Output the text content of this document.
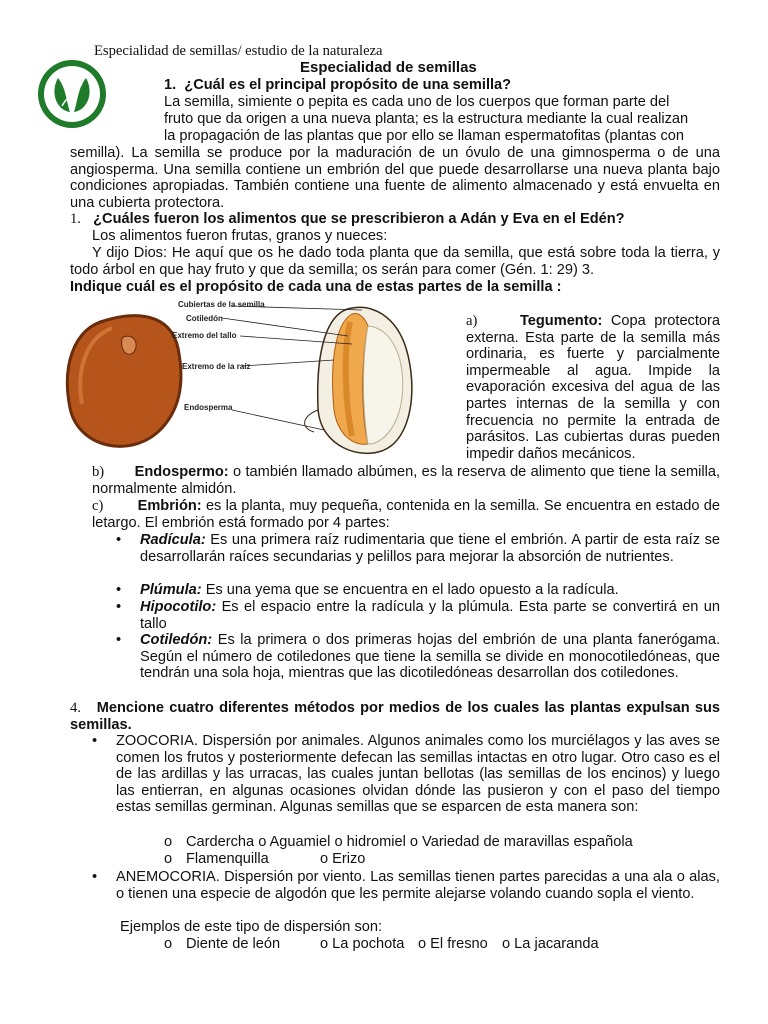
Especialidad de semillas/ estudio de la naturaleza
Especialidad de semillas
1. ¿Cuál es el principal propósito de una semilla?
La semilla, simiente o pepita es cada uno de los cuerpos que forman parte del
fruto que da origen a una nueva planta; es la estructura mediante la cual realizan
la propagación de las plantas que por ello se llaman espermatofitas (plantas con
semilla). La semilla se produce por la maduración de un óvulo de una gimnosperma o de una angiosperma. Una semilla contiene un embrión del que puede desarrollarse una nueva planta bajo condiciones apropiadas. También contiene una fuente de alimento almacenado y está envuelta en una cubierta protectora.
1. ¿Cuáles fueron los alimentos que se prescribieron a Adán y Eva en el Edén?
Los alimentos fueron frutas, granos y nueces:
Y dijo Dios: He aquí que os he dado toda planta que da semilla, que está sobre toda la tierra, y todo árbol en que hay fruto y que da semilla; os serán para comer (Gén. 1: 29) 3.
Indique cuál es el propósito de cada una de estas partes de la semilla :
Cubiertas de la semilla
Cotiledón
Extremo del tallo
Extremo de la raíz
Endosperma
a)	Tegumento: Copa protectora externa. Esta parte de la semilla más ordinaria, es fuerte y parcialmente impermeable al agua. Impide la evaporación excesiva del agua de las partes internas de la semilla y con frecuencia no permite la entrada de parásitos. Las cubiertas duras pueden impedir daños mecánicos.
b) Endospermo: o también llamado albúmen, es la reserva de alimento que tiene la semilla, normalmente almidón.
c) Embrión: es la planta, muy pequeña, contenida en la semilla. Se encuentra en estado de letargo. El embrión está formado por 4 partes:
• Radícula: Es una primera raíz rudimentaria que tiene el embrión. A partir de esta raíz se desarrollarán raíces secundarias y pelillos para mejorar la absorción de nutrientes.
• Plúmula: Es una yema que se encuentra en el lado opuesto a la radícula.
• Hipocotilo: Es el espacio entre la radícula y la plúmula. Esta parte se convertirá en un tallo
• Cotiledón: Es la primera o dos primeras hojas del embrión de una planta fanerógama. Según el número de cotiledones que tiene la semilla se divide en monocotiledóneas, que tendrán una sola hoja, mientras que las dicotiledóneas desarrollan dos cotiledones.
4. Mencione cuatro diferentes métodos por medios de los cuales las plantas expulsan sus semillas.
• ZOOCORIA. Dispersión por animales. Algunos animales como los murciélagos y las aves se comen los frutos y posteriormente defecan las semillas intactas en otro lugar. Otro caso es el de las ardillas y las urracas, las cuales juntan bellotas (las semillas de los encinos) y luego las entierran, en algunas ocasiones olvidan dónde las pusieron y con el paso del tiempo estas semillas germinan. Algunas semillas que se esparcen de esta manera son:
o Cardercha o Aguamiel o hidromiel o Variedad de maravillas española
o Flamenquilla	o Erizo
• ANEMOCORIA. Dispersión por viento. Las semillas tienen partes parecidas a una ala o alas, o tienen una especie de algodón que les permite alejarse volando cuando sopla el viento.
Ejemplos de este tipo de dispersión son:
o Diente de león	o La pochota o El fresno o La jacaranda
